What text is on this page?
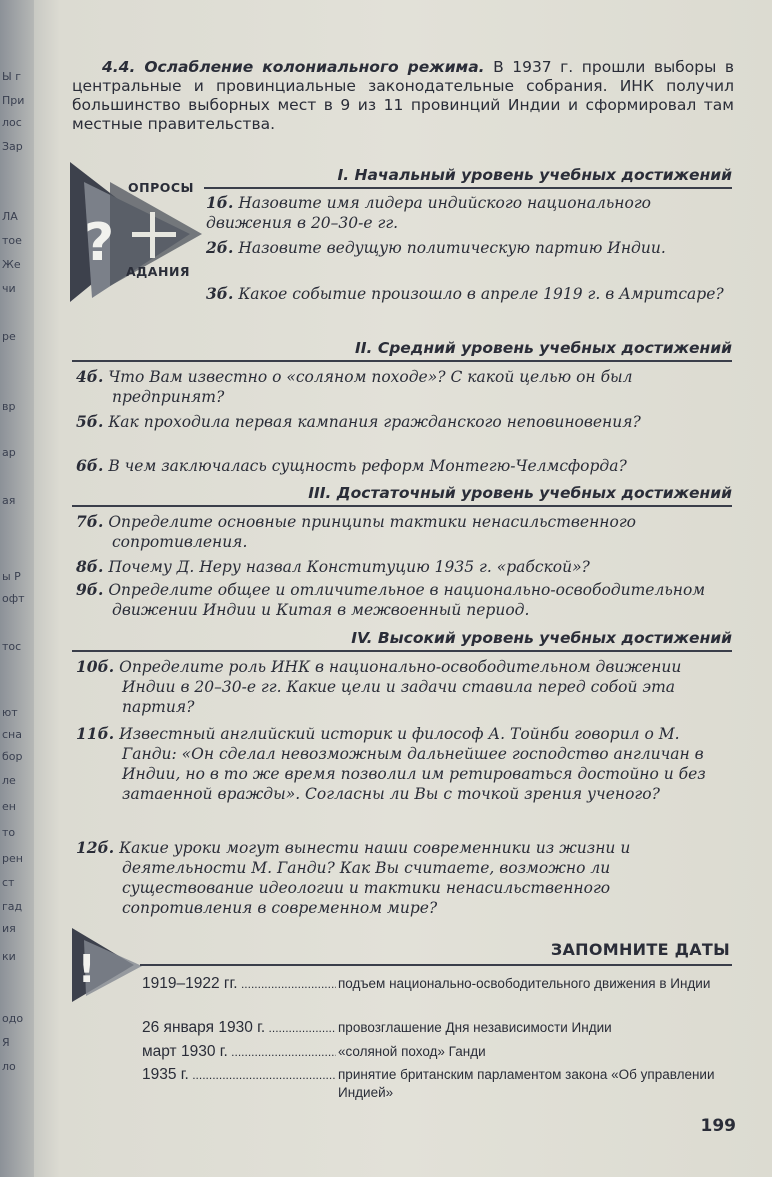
Ы г
При
лос
Зар
ЛА
тое
Же
чи
ре
вр
ар
ая
ы Р
офт
тос
ют
сна
бор
ле
ен
то
рен
ст
гад
ия
ки
одо
Я
ло

4.4. Ослабление колониального режима. В 1937 г. прошли выборы в центральные и провинциальные законодательные собрания. ИНК получил большинство выборных мест в 9 из 11 провинций Индии и сформировал там местные правительства.

?
ОПРОСЫ
АДАНИЯ
I. Начальный уровень учебных достижений

1б. Назовите имя лидера индийского национального движения в 20–30-е гг.

2б. Назовите ведущую политическую партию Индии.

3б. Какое событие произошло в апреле 1919 г. в Амритсаре?

II. Средний уровень учебных достижений

4б. Что Вам известно о «соляном походе»? С какой целью он был предпринят?

5б. Как проходила первая кампания гражданского неповиновения?

6б. В чем заключалась сущность реформ Монтегю-Челмсфорда?

III. Достаточный уровень учебных достижений

7б. Определите основные принципы тактики ненасильственного сопротивления.

8б. Почему Д. Неру назвал Конституцию 1935 г. «рабской»?

9б. Определите общее и отличительное в национально-освободительном движении Индии и Китая в межвоенный период.

IV. Высокий уровень учебных достижений

10б. Определите роль ИНК в национально-освободительном движении Индии в 20–30-е гг. Какие цели и задачи ставила перед собой эта партия?

11б. Известный английский историк и философ А. Тойнби говорил о М. Ганди: «Он сделал невозможным дальнейшее господство англичан в Индии, но в то же время позволил им ретироваться достойно и без затаенной вражды». Согласны ли Вы с точкой зрения ученого?

12б. Какие уроки могут вынести наши современники из жизни и деятельности М. Ганди? Как Вы считаете, возможно ли существование идеологии и тактики ненасильственного сопротивления в современном мире?

!	ЗАПОМНИТЕ ДАТЫ
1919–1922 гг. .....	подъем национально-освободительного движения в Индии
26 января 1930 г. .....	провозглашение Дня независимости Индии
март 1930 г. .....	«соляной поход» Ганди
1935 г. .....	принятие британским парламентом закона «Об управлении Индией»
199
